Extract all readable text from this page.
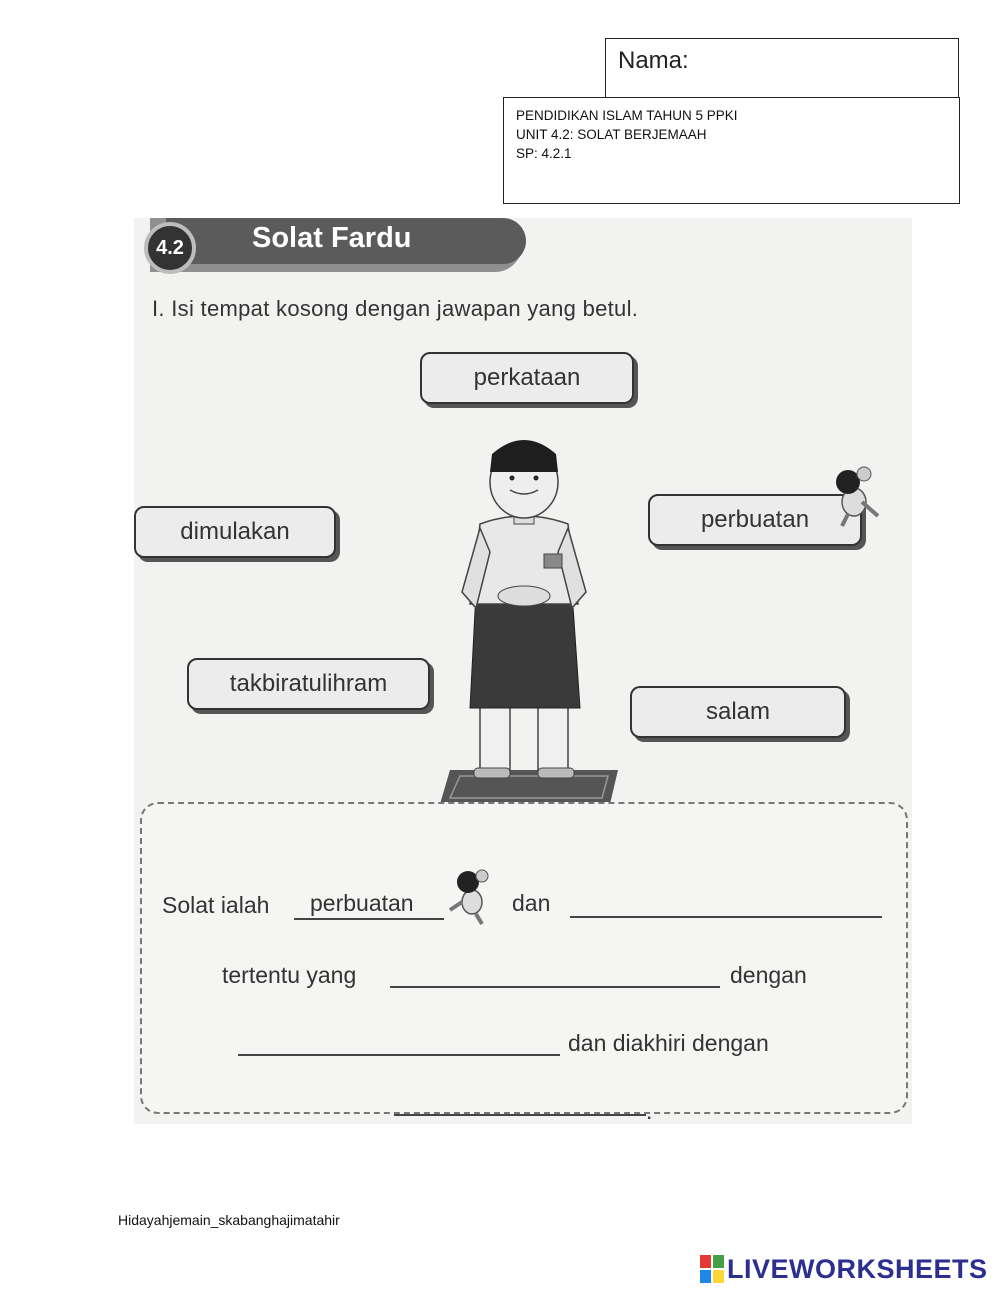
Nama:
PENDIDIKAN ISLAM TAHUN 5 PPKI
UNIT 4.2: SOLAT BERJEMAAH
SP: 4.2.1
4.2	Solat Fardu
I. Isi tempat kosong dengan jawapan yang betul.
perkataan
perbuatan
dimulakan
takbiratulihram
salam
Solat ialah perbuatan	dan
tertentu yang	dengan
dan diakhiri dengan
.
Hidayahjemain_skabanghajimatahir
LIVEWORKSHEETS
